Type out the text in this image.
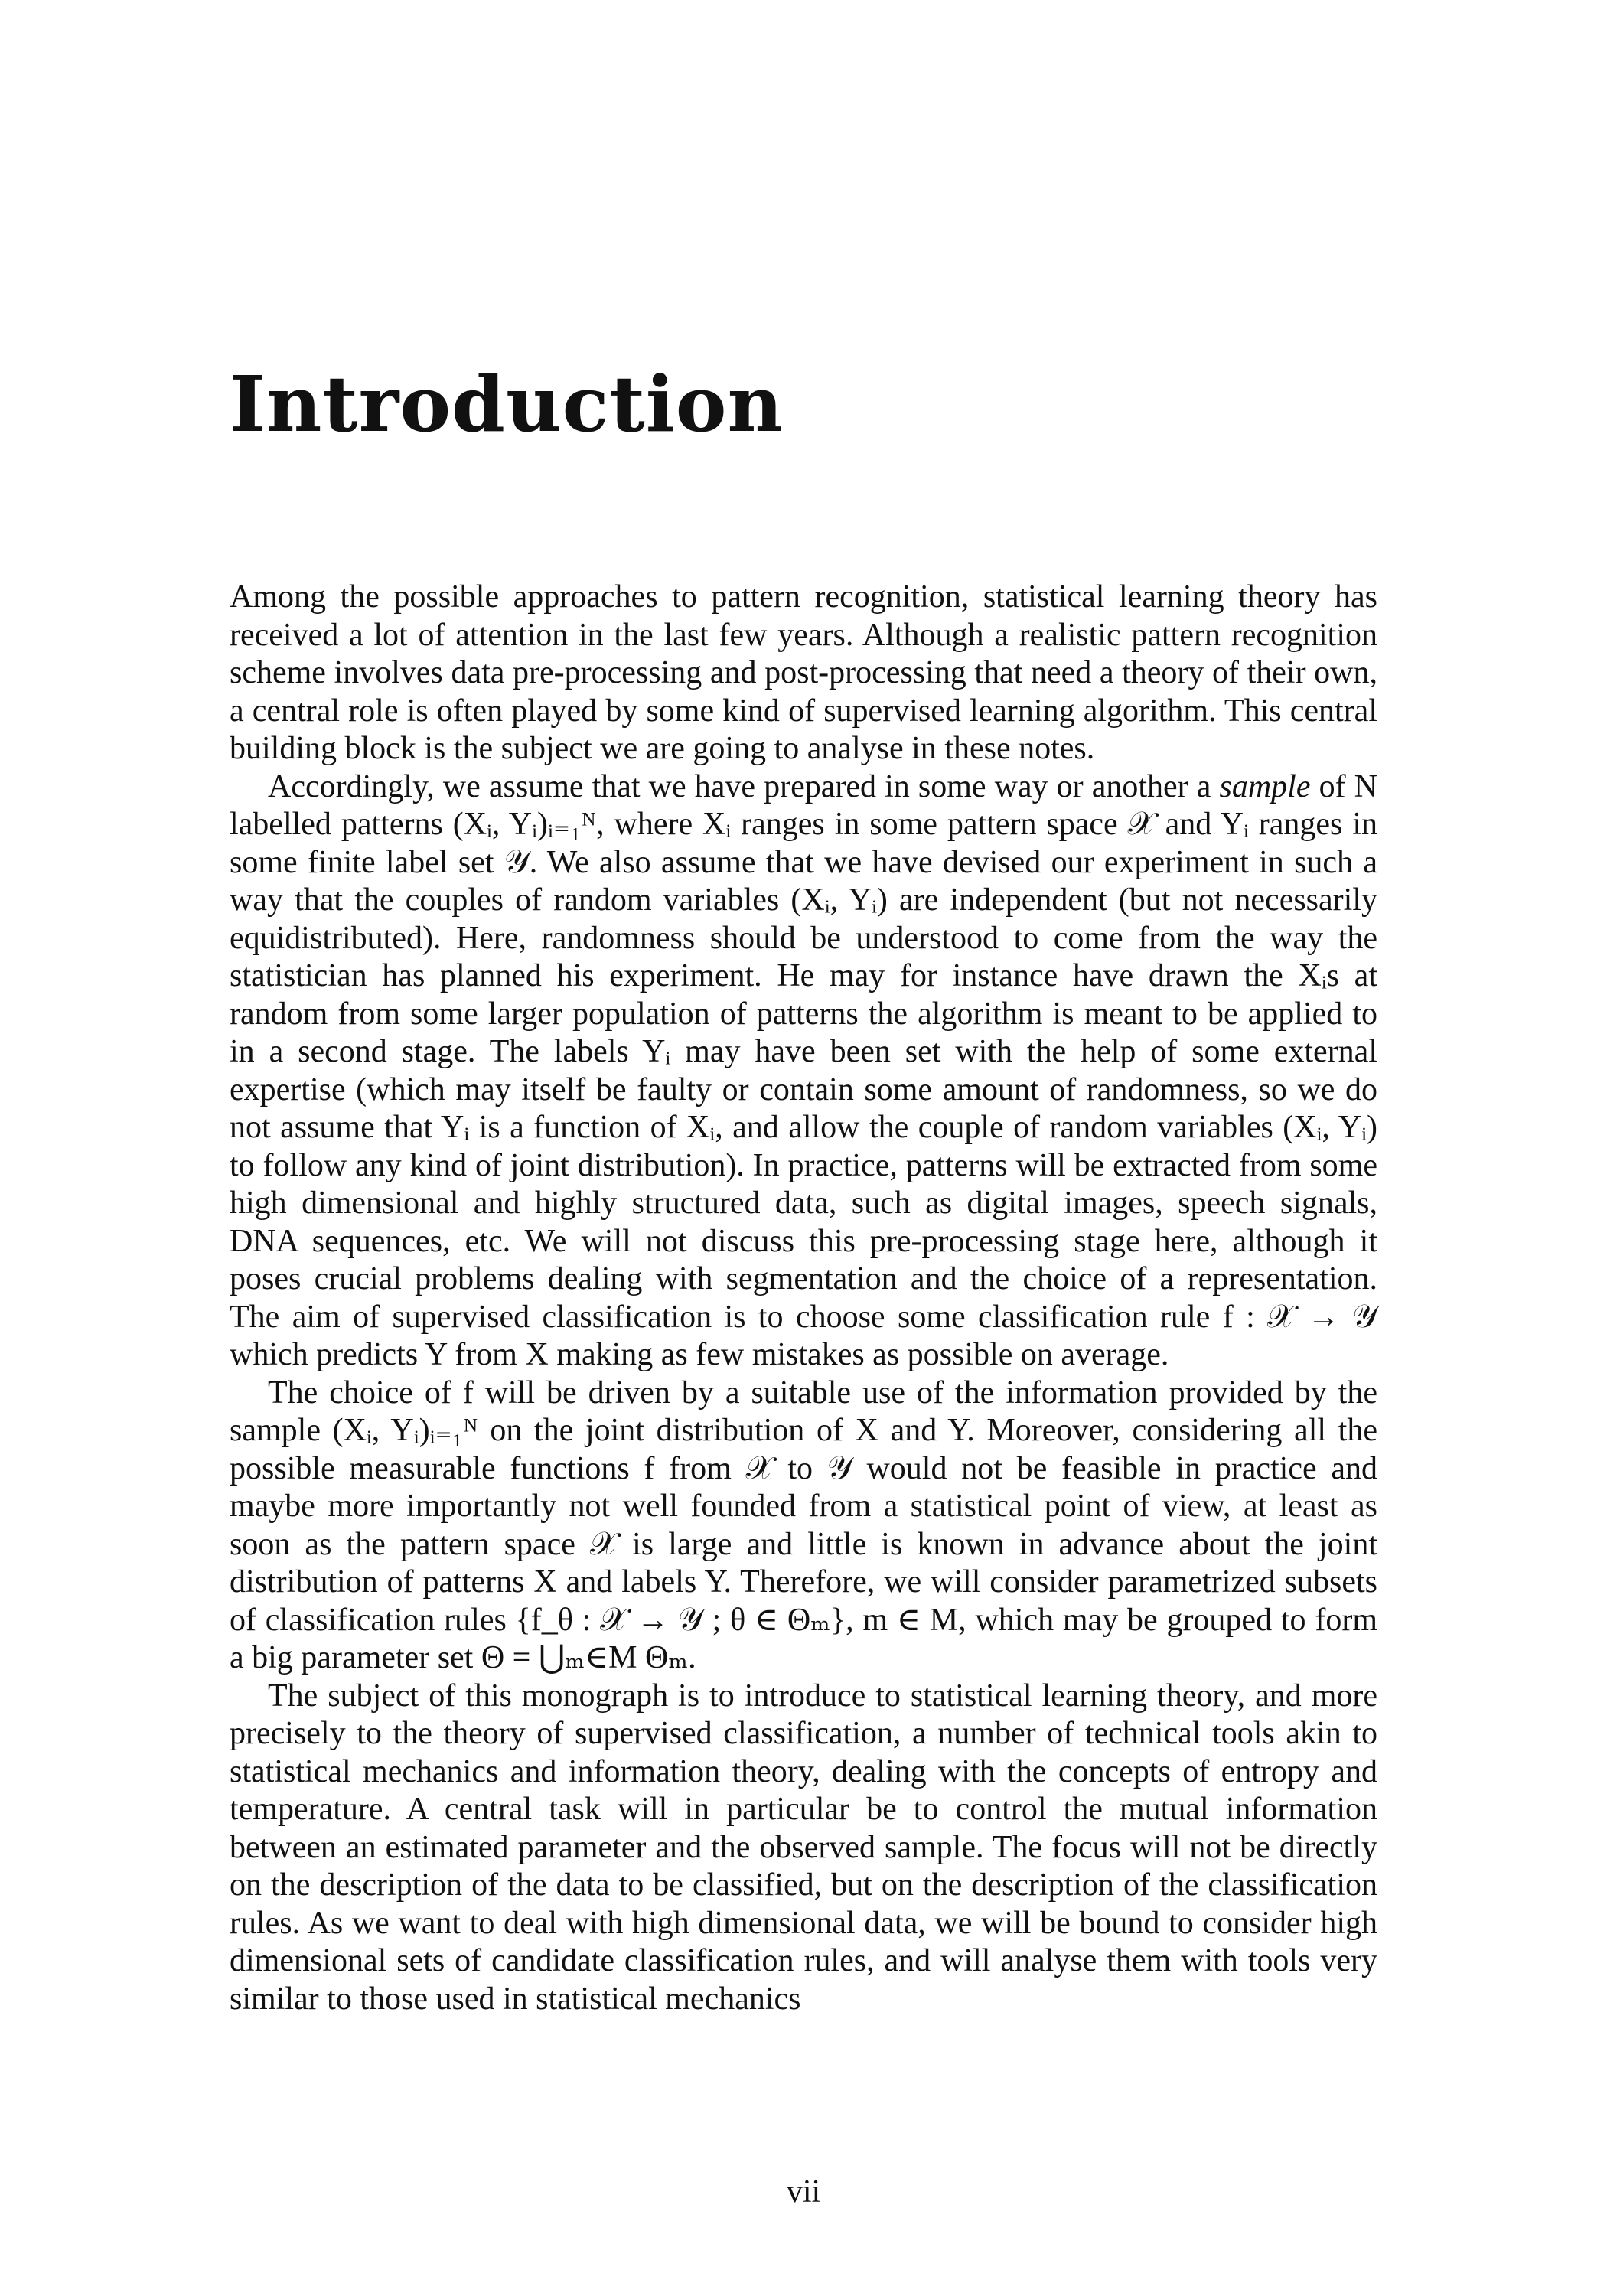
Introduction

Among the possible approaches to pattern recognition, statistical learning theory has received a lot of attention in the last few years. Although a realistic pattern recognition scheme involves data pre-processing and post-processing that need a theory of their own, a central role is often played by some kind of supervised learning algorithm. This central building block is the subject we are going to analyse in these notes.

Accordingly, we assume that we have prepared in some way or another a sample of N labelled patterns (Xᵢ, Yᵢ)ᵢ₌₁ᴺ, where Xᵢ ranges in some pattern space 𝒳 and Yᵢ ranges in some finite label set 𝒴. We also assume that we have devised our experiment in such a way that the couples of random variables (Xᵢ, Yᵢ) are independent (but not necessarily equidistributed). Here, randomness should be understood to come from the way the statistician has planned his experiment. He may for instance have drawn the Xᵢs at random from some larger population of patterns the algorithm is meant to be applied to in a second stage. The labels Yᵢ may have been set with the help of some external expertise (which may itself be faulty or contain some amount of randomness, so we do not assume that Yᵢ is a function of Xᵢ, and allow the couple of random variables (Xᵢ, Yᵢ) to follow any kind of joint distribution). In practice, patterns will be extracted from some high dimensional and highly structured data, such as digital images, speech signals, DNA sequences, etc. We will not discuss this pre-processing stage here, although it poses crucial problems dealing with segmentation and the choice of a representation. The aim of supervised classification is to choose some classification rule f : 𝒳 → 𝒴 which predicts Y from X making as few mistakes as possible on average.

The choice of f will be driven by a suitable use of the information provided by the sample (Xᵢ, Yᵢ)ᵢ₌₁ᴺ on the joint distribution of X and Y. Moreover, considering all the possible measurable functions f from 𝒳 to 𝒴 would not be feasible in practice and maybe more importantly not well founded from a statistical point of view, at least as soon as the pattern space 𝒳 is large and little is known in advance about the joint distribution of patterns X and labels Y. Therefore, we will consider parametrized subsets of classification rules {f_θ : 𝒳 → 𝒴 ; θ ∈ Θₘ}, m ∈ M, which may be grouped to form a big parameter set Θ = ⋃ₘ∈M Θₘ.

The subject of this monograph is to introduce to statistical learning theory, and more precisely to the theory of supervised classification, a number of technical tools akin to statistical mechanics and information theory, dealing with the concepts of entropy and temperature. A central task will in particular be to control the mutual information between an estimated parameter and the observed sample. The focus will not be directly on the description of the data to be classified, but on the description of the classification rules. As we want to deal with high dimensional data, we will be bound to consider high dimensional sets of candidate classification rules, and will analyse them with tools very similar to those used in statistical mechanics

vii
